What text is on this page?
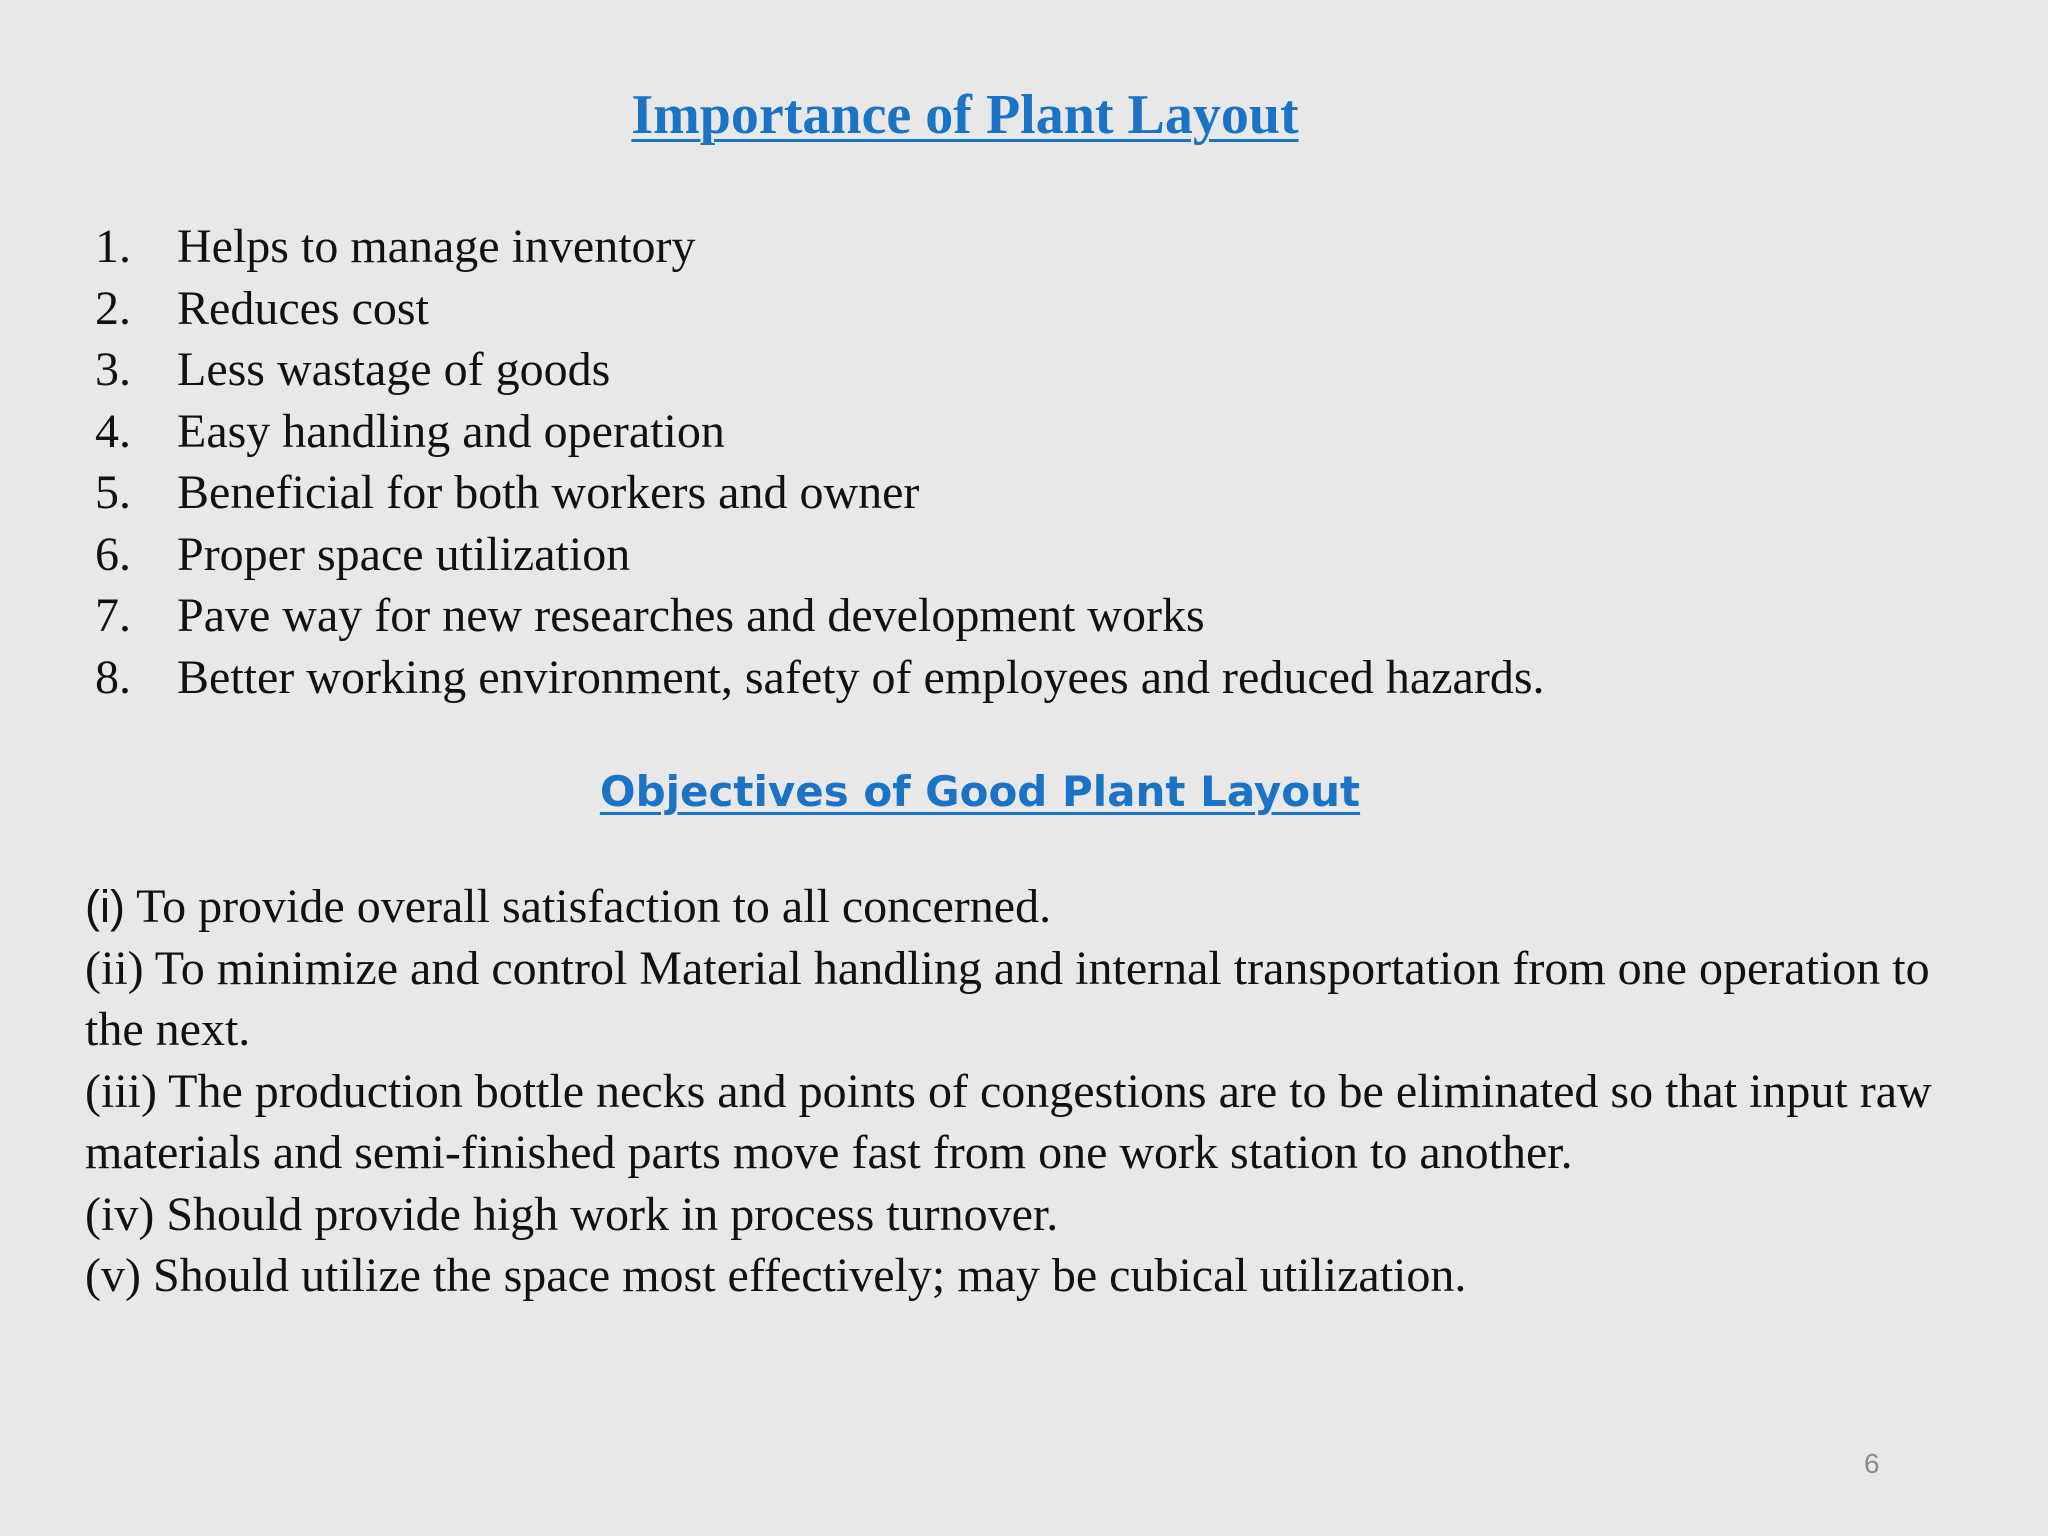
Importance of Plant Layout
1. Helps to manage inventory
2. Reduces cost
3. Less wastage of goods
4. Easy handling and operation
5. Beneficial for both workers and owner
6. Proper space utilization
7. Pave way for new researches and development works
8. Better working environment, safety of employees and reduced hazards.
Objectives of Good Plant Layout

(i) To provide overall satisfaction to all concerned.

(ii) To minimize and control Material handling and internal transportation from one operation to the next.

(iii) The production bottle necks and points of congestions are to be eliminated so that input raw materials and semi-finished parts move fast from one work station to another.

(iv) Should provide high work in process turnover.

(v) Should utilize the space most effectively; may be cubical utilization.

6
